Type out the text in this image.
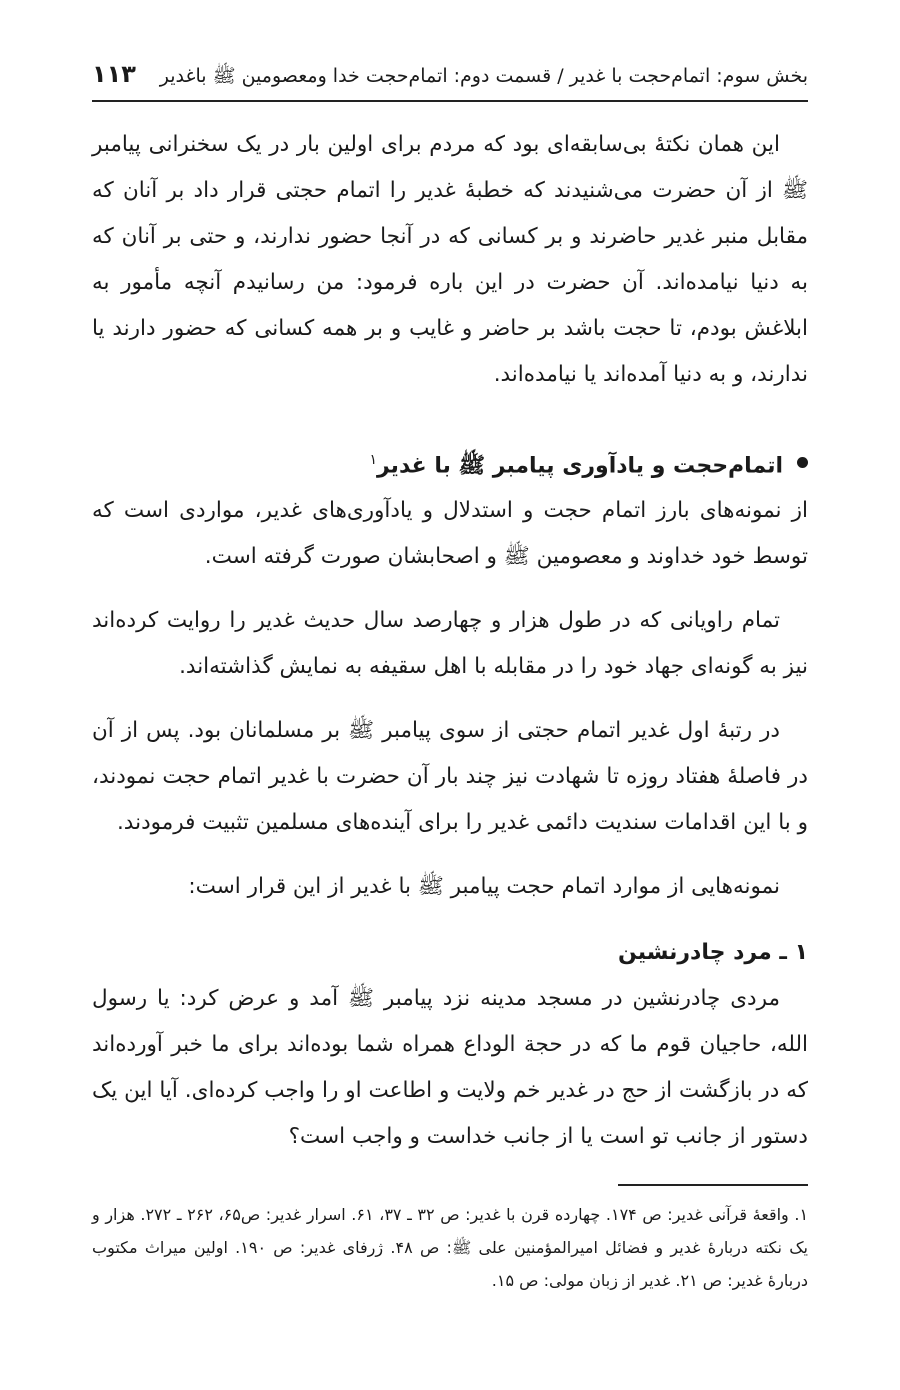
بخش سوم: اتمام‌حجت با غدیر / قسمت دوم: اتمام‌حجت خدا ومعصومین ﷺ باغدیر
۱۱۳

این همان نکتهٔ بی‌سابقه‌ای بود که مردم برای اولین بار در یک سخنرانی پیامبر ﷺ از آن حضرت می‌شنیدند که خطبهٔ غدیر را اتمام حجتی قرار داد بر آنان که مقابل منبر غدیر حاضرند و بر کسانی که در آنجا حضور ندارند، و حتی بر آنان که به دنیا نیامده‌اند. آن حضرت در این باره فرمود: من رسانیدم آنچه مأمور به ابلاغش بودم، تا حجت باشد بر حاضر و غایب و بر همه کسانی که حضور دارند یا ندارند، و به دنیا آمده‌اند یا نیامده‌اند.

اتمام‌حجت و یادآوری پیامبر ﷺ با غدیر$^۱$

از نمونه‌های بارز اتمام حجت و استدلال و یادآوری‌های غدیر، مواردی است که توسط خود خداوند و معصومین ﷺ و اصحابشان صورت گرفته است.

تمام راویانی که در طول هزار و چهارصد سال حدیث غدیر را روایت کرده‌اند نیز به گونه‌ای جهاد خود را در مقابله با اهل سقیفه به نمایش گذاشته‌اند.

در رتبهٔ اول غدیر اتمام حجتی از سوی پیامبر ﷺ بر مسلمانان بود. پس از آن در فاصلهٔ هفتاد روزه تا شهادت نیز چند بار آن حضرت با غدیر اتمام حجت نمودند، و با این اقدامات سندیت دائمی غدیر را برای آینده‌های مسلمین تثبیت فرمودند.

نمونه‌هایی از موارد اتمام حجت پیامبر ﷺ با غدیر از این قرار است:

۱ ـ مرد چادرنشین

مردی چادرنشین در مسجد مدینه نزد پیامبر ﷺ آمد و عرض کرد: یا رسول الله، حاجیان قوم ما که در حجة الوداع همراه شما بوده‌اند برای ما خبر آورده‌اند که در بازگشت از حج در غدیر خم ولایت و اطاعت او را واجب کرده‌ای. آیا این یک دستور از جانب تو است یا از جانب خداست و واجب است؟

۱. واقعهٔ قرآنی غدیر: ص ۱۷۴. چهارده قرن با غدیر: ص ۳۲ ـ ۳۷، ۶۱. اسرار غدیر: ص۶۵، ۲۶۲ ـ ۲۷۲. هزار و یک نکته دربارهٔ غدیر و فضائل امیرالمؤمنین علی ﷺ: ص ۴۸. ژرفای غدیر: ص ۱۹۰. اولین میراث مکتوب دربارهٔ غدیر: ص ۲۱. غدیر از زبان مولی: ص ۱۵.
